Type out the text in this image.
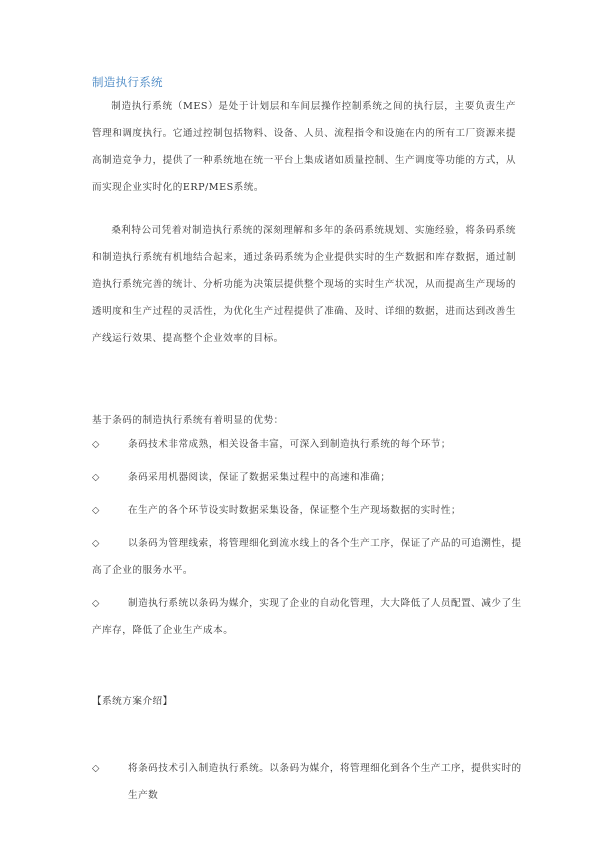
制造执行系统

制造执行系统（MES）是处于计划层和车间层操作控制系统之间的执行层，主要负责生产管理和调度执行。它通过控制包括物料、设备、人员、流程指令和设施在内的所有工厂资源来提高制造竞争力，提供了一种系统地在统一平台上集成诸如质量控制、生产调度等功能的方式，从而实现企业实时化的ERP/MES系统。

桑利特公司凭着对制造执行系统的深刻理解和多年的条码系统规划、实施经验，将条码系统和制造执行系统有机地结合起来，通过条码系统为企业提供实时的生产数据和库存数据，通过制造执行系统完善的统计、分析功能为决策层提供整个现场的实时生产状况，从而提高生产现场的透明度和生产过程的灵活性，为优化生产过程提供了准确、及时、详细的数据，进而达到改善生产线运行效果、提高整个企业效率的目标。

基于条码的制造执行系统有着明显的优势：
◇	条码技术非常成熟，相关设备丰富，可深入到制造执行系统的每个环节；
◇	条码采用机器阅读，保证了数据采集过程中的高速和准确；
◇	在生产的各个环节设实时数据采集设备，保证整个生产现场数据的实时性；
◇	以条码为管理线索，将管理细化到流水线上的各个生产工序，保证了产品的可追溯性，提高了企业的服务水平。
◇	制造执行系统以条码为媒介，实现了企业的自动化管理，大大降低了人员配置、减少了生产库存，降低了企业生产成本。
【系统方案介绍】
◇	将条码技术引入制造执行系统。以条码为媒介，将管理细化到各个生产工序，提供实时的生产数
